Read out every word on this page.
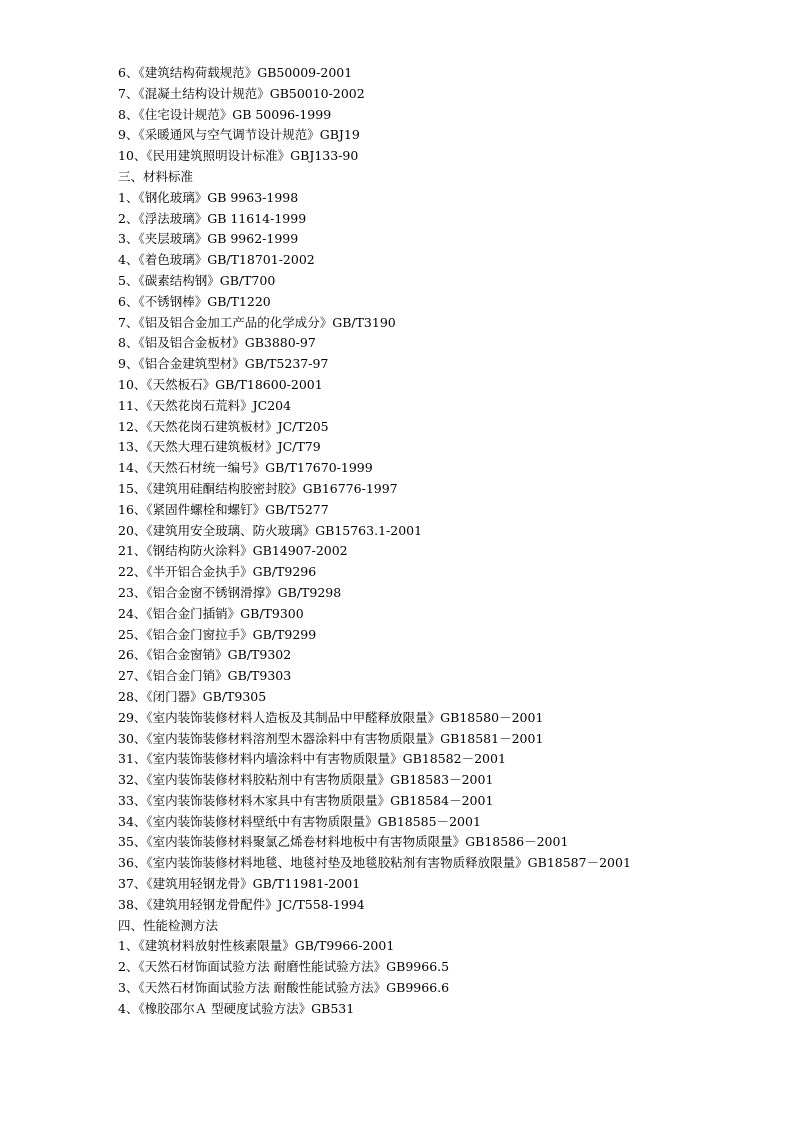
6、《建筑结构荷载规范》GB50009-2001
7、《混凝土结构设计规范》GB50010-2002
8、《住宅设计规范》GB 50096-1999
9、《采暖通风与空气调节设计规范》GBJ19
10、《民用建筑照明设计标准》GBJ133-90
三、材料标准
1、《钢化玻璃》GB 9963-1998
2、《浮法玻璃》GB 11614-1999
3、《夹层玻璃》GB 9962-1999
4、《着色玻璃》GB/T18701-2002
5、《碳素结构钢》GB/T700
6、《不锈钢棒》GB/T1220
7、《铝及铝合金加工产品的化学成分》GB/T3190
8、《铝及铝合金板材》GB3880-97
9、《铝合金建筑型材》GB/T5237-97
10、《天然板石》GB/T18600-2001
11、《天然花岗石荒料》JC204
12、《天然花岗石建筑板材》JC/T205
13、《天然大理石建筑板材》JC/T79
14、《天然石材统一编号》GB/T17670-1999
15、《建筑用硅酮结构胶密封胶》GB16776-1997
16、《紧固件螺栓和螺钉》GB/T5277
20、《建筑用安全玻璃、防火玻璃》GB15763.1-2001
21、《钢结构防火涂料》GB14907-2002
22、《半开铝合金执手》GB/T9296
23、《铝合金窗不锈钢滑撑》GB/T9298
24、《铝合金门插销》GB/T9300
25、《铝合金门窗拉手》GB/T9299
26、《铝合金窗销》GB/T9302
27、《铝合金门销》GB/T9303
28、《闭门器》GB/T9305
29、《室内装饰装修材料人造板及其制品中甲醛释放限量》GB18580－2001
30、《室内装饰装修材料溶剂型木器涂料中有害物质限量》GB18581－2001
31、《室内装饰装修材料内墙涂料中有害物质限量》GB18582－2001
32、《室内装饰装修材料胶粘剂中有害物质限量》GB18583－2001
33、《室内装饰装修材料木家具中有害物质限量》GB18584－2001
34、《室内装饰装修材料壁纸中有害物质限量》GB18585－2001
35、《室内装饰装修材料聚氯乙烯卷材料地板中有害物质限量》GB18586－2001
36、《室内装饰装修材料地毯、地毯衬垫及地毯胶粘剂有害物质释放限量》GB18587－2001
37、《建筑用轻钢龙骨》GB/T11981-2001
38、《建筑用轻钢龙骨配件》JC/T558-1994
四、性能检测方法
1、《建筑材料放射性核素限量》GB/T9966-2001
2、《天然石材饰面试验方法 耐磨性能试验方法》GB9966.5
3、《天然石材饰面试验方法 耐酸性能试验方法》GB9966.6
4、《橡胶邵尔Ａ 型硬度试验方法》GB531
